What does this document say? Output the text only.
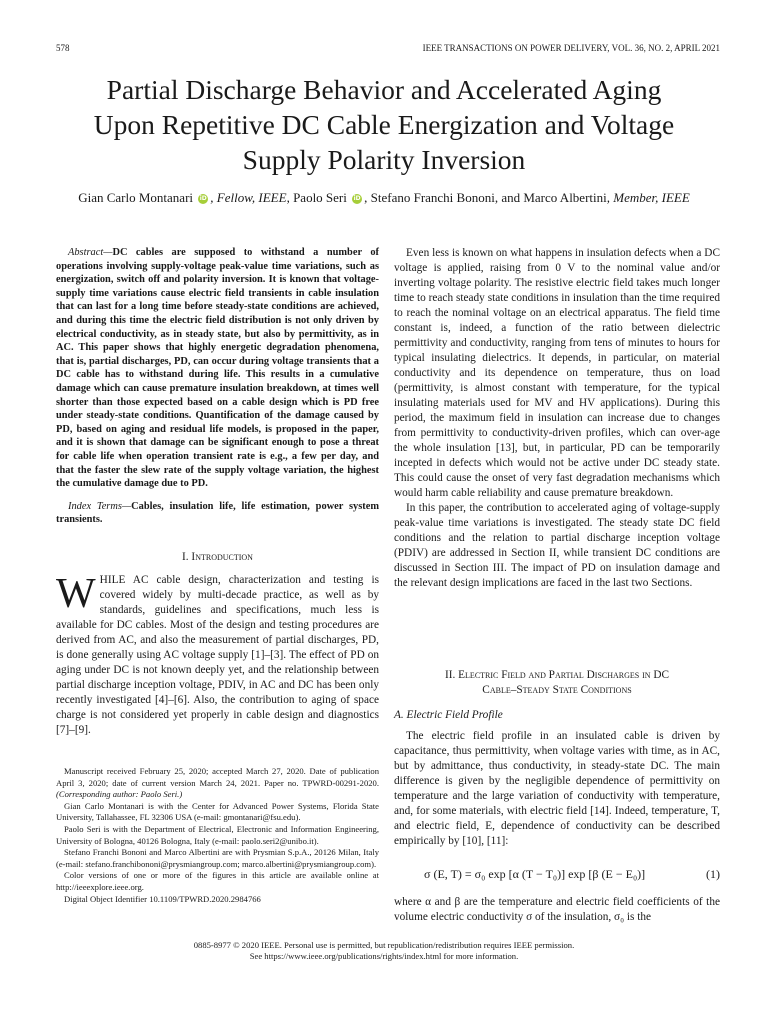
578	IEEE TRANSACTIONS ON POWER DELIVERY, VOL. 36, NO. 2, APRIL 2021
Partial Discharge Behavior and Accelerated Aging
Upon Repetitive DC Cable Energization and Voltage
Supply Polarity Inversion
Gian Carlo Montanari iD , Fellow, IEEE, Paolo Seri iD , Stefano Franchi Bononi, and Marco Albertini, Member, IEEE

Abstract—DC cables are supposed to withstand a number of operations involving supply-voltage peak-value time variations, such as energization, switch off and polarity inversion. It is known that voltage-supply time variations cause electric field transients in cable insulation that can last for a long time before steady-state conditions are achieved, and during this time the electric field distribution is not only driven by electrical conductivity, as in steady state, but also by permittivity, as in AC. This paper shows that highly energetic degradation phenomena, that is, partial discharges, PD, can occur during voltage transients that a DC cable has to withstand during life. This results in a cumulative damage which can cause premature insulation breakdown, at times well shorter than those expected based on a cable design which is PD free under steady-state conditions. Quantification of the damage caused by PD, based on aging and residual life models, is proposed in the paper, and it is shown that damage can be significant enough to pose a threat for cable life when operation transient rate is e.g., a few per day, and that the faster the slew rate of the supply voltage variation, the highest the cumulative damage due to PD.

Index Terms—Cables, insulation life, life estimation, power system transients.

I. Introduction

WHILE AC cable design, characterization and testing is covered widely by multi-decade practice, as well as by standards, guidelines and specifications, much less is available for DC cables. Most of the design and testing procedures are derived from AC, and also the measurement of partial discharges, PD, is done generally using AC voltage supply [1]–[3]. The effect of PD on aging under DC is not known deeply yet, and the relationship between partial discharge inception voltage, PDIV, in AC and DC has been only recently investigated [4]–[6]. Also, the contribution to aging of space charge is not considered yet properly in cable design and diagnostics [7]–[9].

Manuscript received February 25, 2020; accepted March 27, 2020. Date of publication April 3, 2020; date of current version March 24, 2021. Paper no. TPWRD-00291-2020. (Corresponding author: Paolo Seri.)

Gian Carlo Montanari is with the Center for Advanced Power Systems, Florida State University, Tallahassee, FL 32306 USA (e-mail: gmontanari@fsu.edu).

Paolo Seri is with the Department of Electrical, Electronic and Information Engineering, University of Bologna, 40126 Bologna, Italy (e-mail: paolo.seri2@unibo.it).

Stefano Franchi Bononi and Marco Albertini are with Prysmian S.p.A., 20126 Milan, Italy (e-mail: stefano.franchibononi@prysmiangroup.com; marco.albertini@prysmiangroup.com).

Color versions of one or more of the figures in this article are available online at http://ieeexplore.ieee.org.

Digital Object Identifier 10.1109/TPWRD.2020.2984766

Even less is known on what happens in insulation defects when a DC voltage is applied, raising from 0 V to the nominal value and/or inverting voltage polarity. The resistive electric field takes much longer time to reach steady state conditions in insulation than the time required to reach the nominal voltage on an electrical apparatus. The field time constant is, indeed, a function of the ratio between dielectric permittivity and conductivity, ranging from tens of minutes to hours for typical insulating dielectrics. It depends, in particular, on material conductivity and its dependence on temperature, thus on load (permittivity, is almost constant with temperature, for the typical insulating materials used for MV and HV applications). During this period, the maximum field in insulation can increase due to changes from permittivity to conductivity-driven profiles, which can over-age the whole insulation [13], but, in particular, PD can be temporarily incepted in defects which would not be active under DC steady state. This could cause the onset of very fast degradation mechanisms which would harm cable reliability and cause premature breakdown.

In this paper, the contribution to accelerated aging of voltage-supply peak-value time variations is investigated. The steady state DC field conditions and the relation to partial discharge inception voltage (PDIV) are addressed in Section II, while transient DC conditions are discussed in Section III. The impact of PD on insulation damage and the relevant design implications are faced in the last two Sections.

II. Electric Field and Partial Discharges in DC
Cable–Steady State Conditions
A. Electric Field Profile

The electric field profile in an insulated cable is driven by capacitance, thus permittivity, when voltage varies with time, as in AC, but by admittance, thus conductivity, in steady-state DC. The main difference is given by the negligible dependence of permittivity on temperature and the large variation of conductivity with temperature, and, for some materials, with electric field [14]. Indeed, temperature, T, and electric field, E, dependence of conductivity can be described empirically by [10], [11]:

σ (E, T) = σ₀ exp [α (T − T₀)] exp [β (E − E₀)]	(1)

where α and β are the temperature and electric field coefficients of the volume electric conductivity σ of the insulation, σ₀ is the

0885-8977 © 2020 IEEE. Personal use is permitted, but republication/redistribution requires IEEE permission.
See https://www.ieee.org/publications/rights/index.html for more information.
